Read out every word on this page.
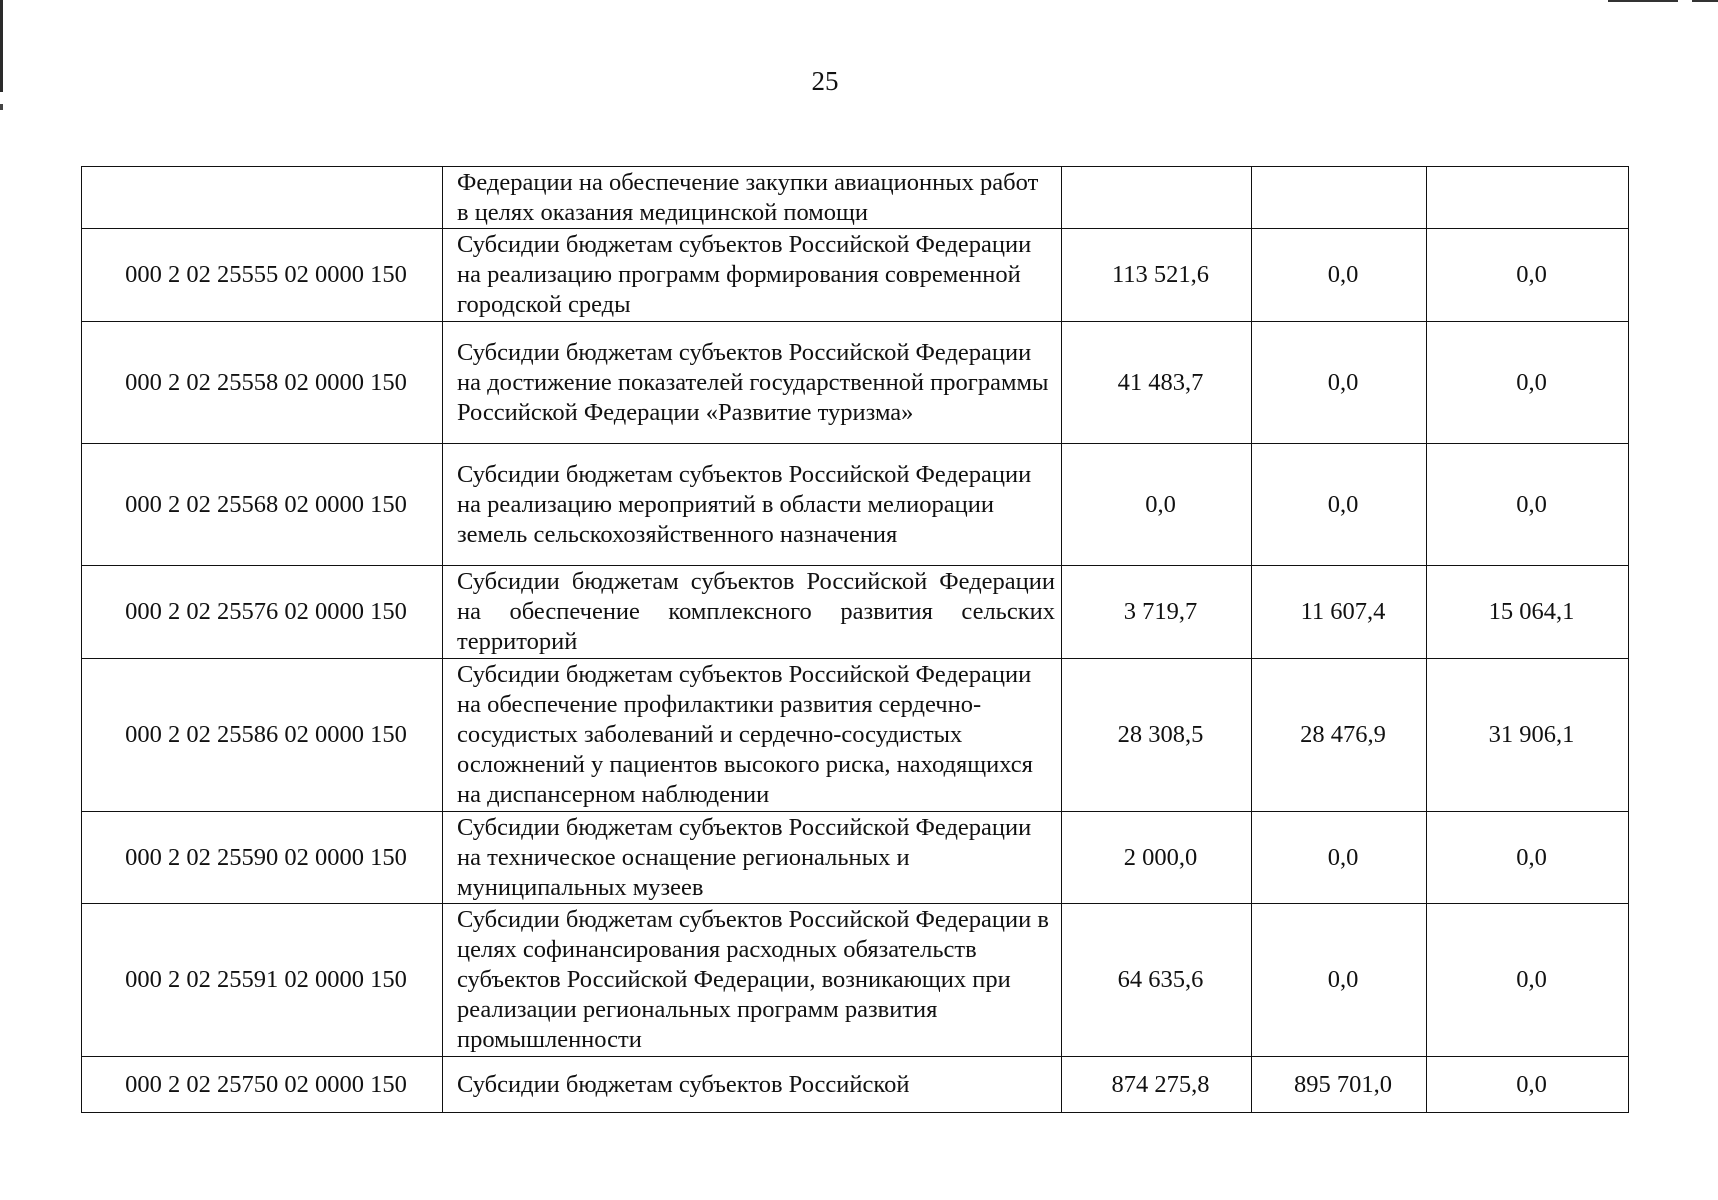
25
	Федерации на обеспечение закупки авиационных работ в целях оказания медицинской помощи			
000 2 02 25555 02 0000 150	Субсидии бюджетам субъектов Российской Федерации на реализацию программ формирования современной городской среды	113 521,6	0,0	0,0
000 2 02 25558 02 0000 150	Субсидии бюджетам субъектов Российской Федерации на достижение показателей государственной программы Российской Федерации «Развитие туризма»	41 483,7	0,0	0,0
000 2 02 25568 02 0000 150	Субсидии бюджетам субъектов Российской Федерации на реализацию мероприятий в области мелиорации земель сельскохозяйственного назначения	0,0	0,0	0,0
000 2 02 25576 02 0000 150	Субсидии бюджетам субъектов Российской Федерации на обеспечение комплексного развития сельских территорий	3 719,7	11 607,4	15 064,1
000 2 02 25586 02 0000 150	Субсидии бюджетам субъектов Российской Федерации на обеспечение профилактики развития сердечно-сосудистых заболеваний и сердечно-сосудистых осложнений у пациентов высокого риска, находящихся на диспансерном наблюдении	28 308,5	28 476,9	31 906,1
000 2 02 25590 02 0000 150	Субсидии бюджетам субъектов Российской Федерации на техническое оснащение региональных и муниципальных музеев	2 000,0	0,0	0,0
000 2 02 25591 02 0000 150	Субсидии бюджетам субъектов Российской Федерации в целях софинансирования расходных обязательств субъектов Российской Федерации, возникающих при реализации региональных программ развития промышленности	64 635,6	0,0	0,0
000 2 02 25750 02 0000 150	Субсидии бюджетам субъектов Российской	874 275,8	895 701,0	0,0
